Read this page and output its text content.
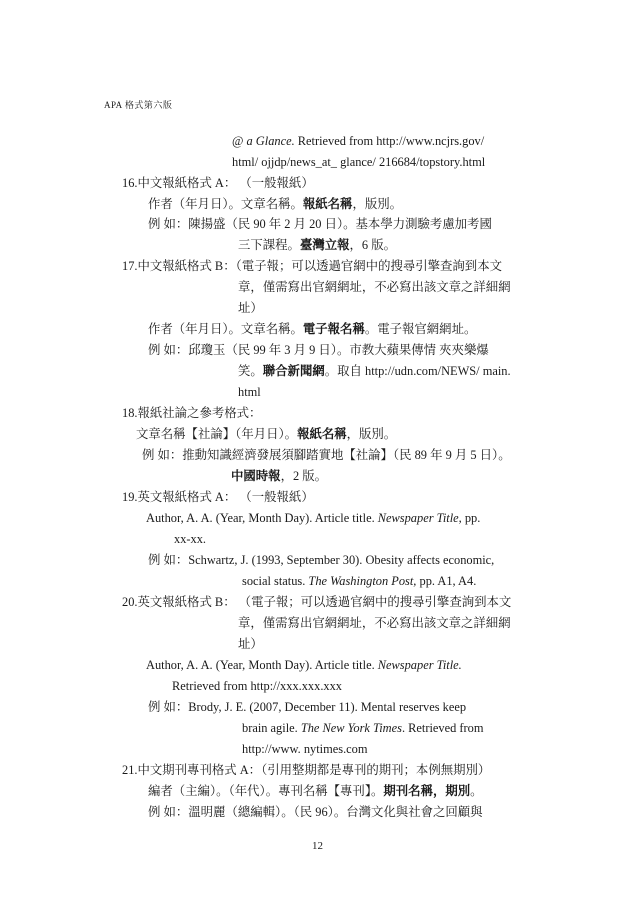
APA 格式第六版
@ a Glance. Retrieved from http://www.ncjrs.gov/
html/ ojjdp/news_at_ glance/ 216684/topstory.html
16.中文報紙格式 A： （一般報紙）
作者（年月日）。文章名稱。報紙名稱，版別。
例 如：陳揚盛（民 90 年 2 月 20 日）。基本學力測驗考慮加考國
三下課程。臺灣立報，6 版。
17.中文報紙格式 B：（電子報；可以透過官網中的搜尋引擎查詢到本文
章，僅需寫出官網網址，不必寫出該文章之詳細網
址）
作者（年月日）。文章名稱。電子報名稱。電子報官網網址。
例 如：邱瓊玉（民 99 年 3 月 9 日）。市教大蘋果傳情 夾夾樂爆
笑。聯合新聞網。取自 http://udn.com/NEWS/ main.
html
18.報紙社論之參考格式：
文章名稱【社論】（年月日）。報紙名稱，版別。
例 如：推動知識經濟發展須腳踏實地【社論】（民 89 年 9 月 5 日）。
中國時報，2 版。
19.英文報紙格式 A： （一般報紙）
Author, A. A. (Year, Month Day). Article title. Newspaper Title, pp.
xx-xx.
例 如：Schwartz, J. (1993, September 30). Obesity affects economic,
social status. The Washington Post, pp. A1, A4.
20.英文報紙格式 B： （電子報；可以透過官網中的搜尋引擎查詢到本文
章，僅需寫出官網網址，不必寫出該文章之詳細網
址）
Author, A. A. (Year, Month Day). Article title. Newspaper Title.
Retrieved from http://xxx.xxx.xxx
例 如：Brody, J. E. (2007, December 11). Mental reserves keep
brain agile. The New York Times. Retrieved from
http://www. nytimes.com
21.中文期刊專刊格式 A：（引用整期都是專刊的期刊；本例無期別）
編者（主編）。（年代）。專刊名稱【專刊】。期刊名稱，期別。
例 如：溫明麗（總編輯）。（民 96）。台灣文化與社會之回顧與
12
